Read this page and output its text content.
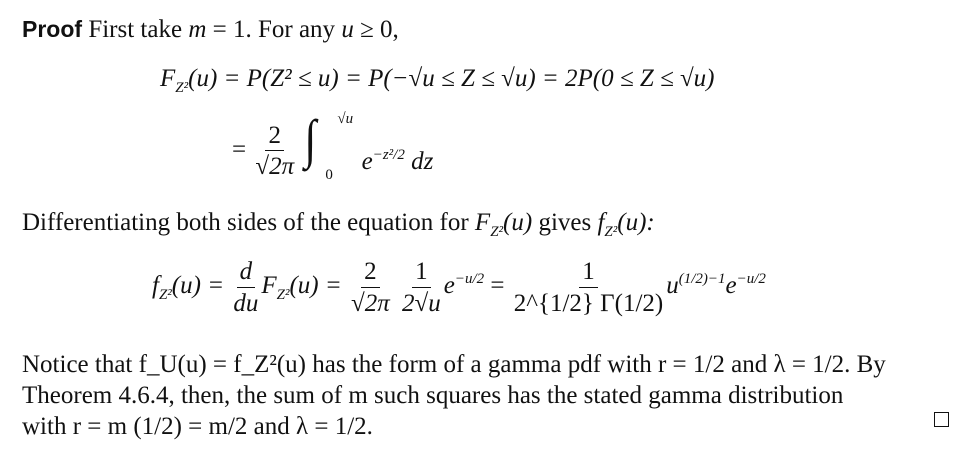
Proof First take m = 1. For any u ≥ 0,
$F_{Z^2}(u) = P(Z^2 \le u) = P(-√u \le Z \le √u) = 2P(0 \le Z \le √u)$
= $\frac{2}{√2\pi}$ ∫ √u
0 $e^{-z^2/2}$ dz
Differentiating both sides of the equation for $F_{Z^2}(u)$ gives $f_{Z^2}(u)$:
$f_{Z^2}(u) = \frac{d}{du} F_{Z^2}(u) = \frac{2}{√2\pi}$
$\frac{1}{2√u} e^{-u/2} = \frac{1}{2\^{}\{1/2\} \Gamma(1/2)} u^{(1/2)-1}e^{-u/2}$
Notice that f_U(u) = f_Z²(u) has the form of a gamma pdf with r = 1/2 and λ = 1/2. By
Theorem 4.6.4, then, the sum of m such squares has the stated gamma distribution
with r = m (1/2) = m/2 and λ = 1/2.
